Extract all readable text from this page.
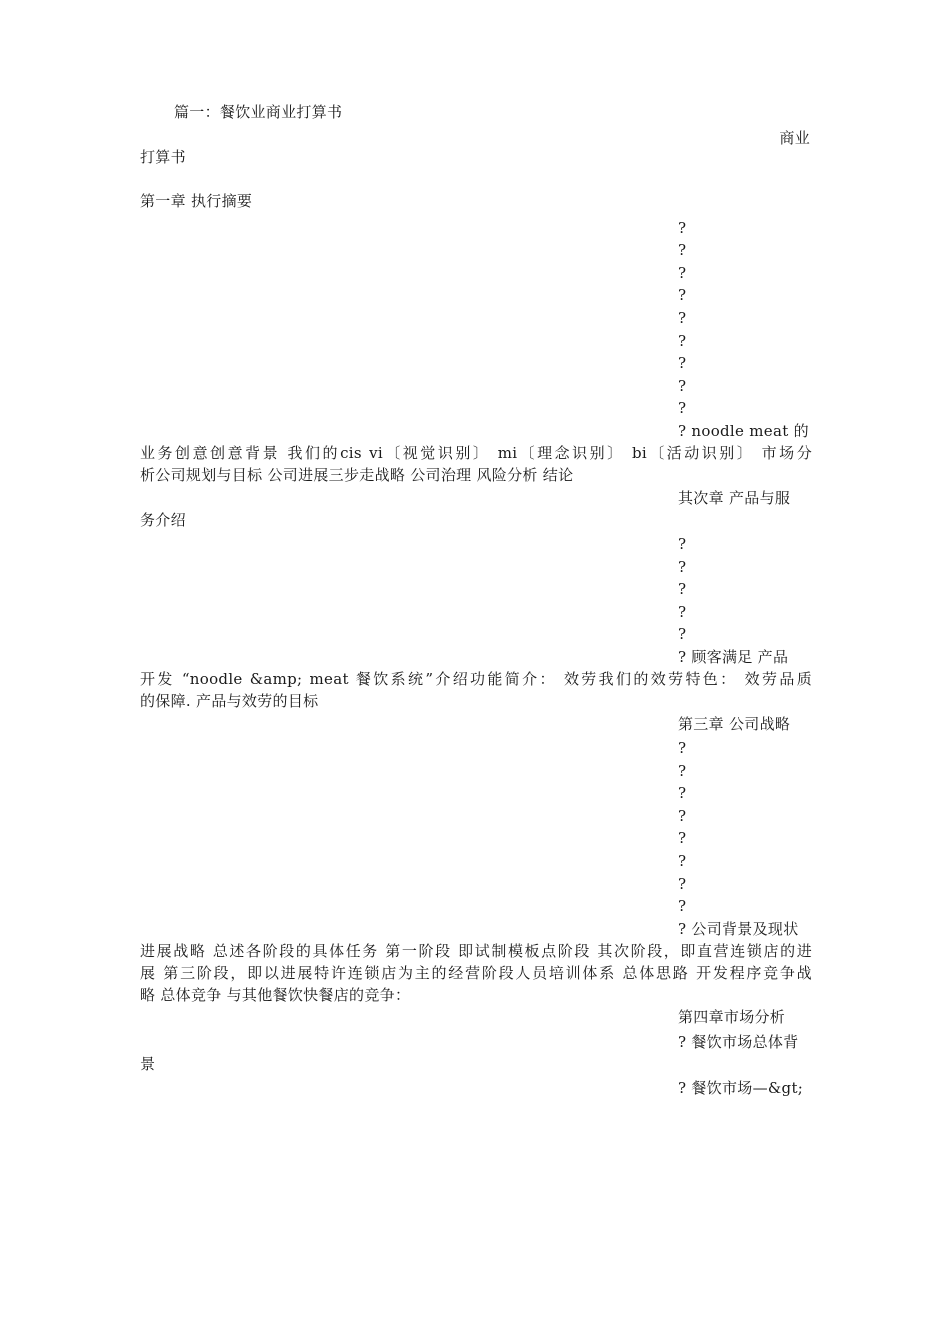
篇一：餐饮业商业打算书
商业
打算书
第一章 执行摘要
?
?
?
?
?
?
?
?
?
? noodle meat 的
业务创意创意背景 我们的cis vi〔视觉识别〕 mi〔理念识别〕 bi〔活动识别〕 市场分
析公司规划与目标 公司进展三步走战略 公司治理 风险分析 结论
其次章 产品与服
务介绍
?
?
?
?
?
? 顾客满足 产品
开发 “noodle &amp; meat 餐饮系统”介绍功能简介： 效劳我们的效劳特色： 效劳品质
的保障. 产品与效劳的目标
第三章 公司战略
?
?
?
?
?
?
?
?
? 公司背景及现状
进展战略 总述各阶段的具体任务 第一阶段 即试制模板点阶段 其次阶段，即直营连锁店的进
展 第三阶段，即以进展特许连锁店为主的经营阶段人员培训体系 总体思路 开发程序竞争战
略 总体竞争 与其他餐饮快餐店的竞争：
第四章市场分析
? 餐饮市场总体背
景
? 餐饮市场—&gt;
